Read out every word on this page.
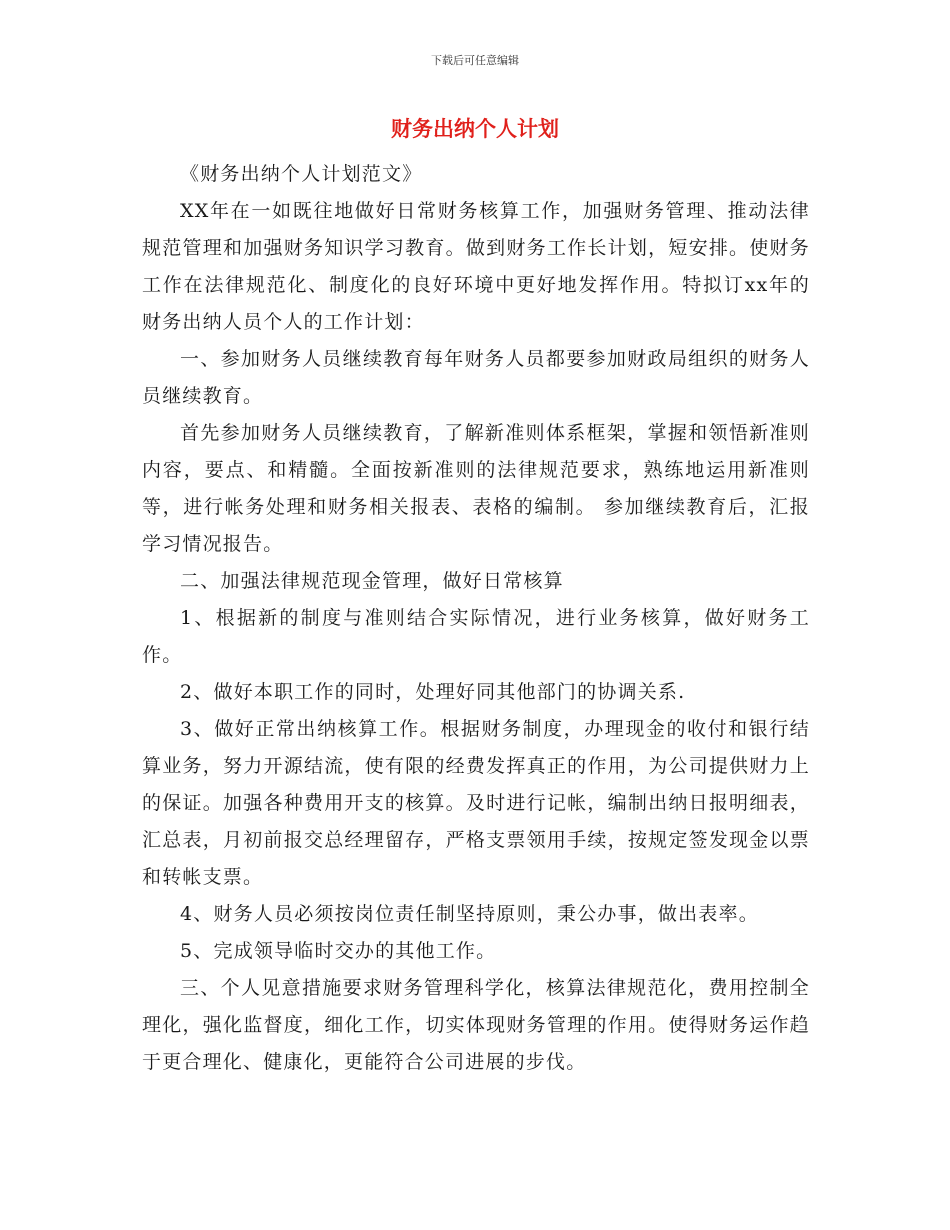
下载后可任意编辑
财务出纳个人计划

《财务出纳个人计划范文》

XX年在一如既往地做好日常财务核算工作，加强财务管理、推动法律规范管理和加强财务知识学习教育。做到财务工作长计划，短安排。使财务工作在法律规范化、制度化的良好环境中更好地发挥作用。特拟订xx年的财务出纳人员个人的工作计划：

一、参加财务人员继续教育每年财务人员都要参加财政局组织的财务人员继续教育。

首先参加财务人员继续教育，了解新准则体系框架，掌握和领悟新准则内容，要点、和精髓。全面按新准则的法律规范要求，熟练地运用新准则等，进行帐务处理和财务相关报表、表格的编制。 参加继续教育后，汇报学习情况报告。

二、加强法律规范现金管理，做好日常核算

1、根据新的制度与准则结合实际情况，进行业务核算，做好财务工作。

2、做好本职工作的同时，处理好同其他部门的协调关系.

3、做好正常出纳核算工作。根据财务制度，办理现金的收付和银行结算业务，努力开源结流，使有限的经费发挥真正的作用，为公司提供财力上的保证。加强各种费用开支的核算。及时进行记帐，编制出纳日报明细表，汇总表，月初前报交总经理留存，严格支票领用手续，按规定签发现金以票和转帐支票。

4、财务人员必须按岗位责任制坚持原则，秉公办事，做出表率。

5、完成领导临时交办的其他工作。

三、个人见意措施要求财务管理科学化，核算法律规范化，费用控制全理化，强化监督度，细化工作，切实体现财务管理的作用。使得财务运作趋于更合理化、健康化，更能符合公司进展的步伐。
